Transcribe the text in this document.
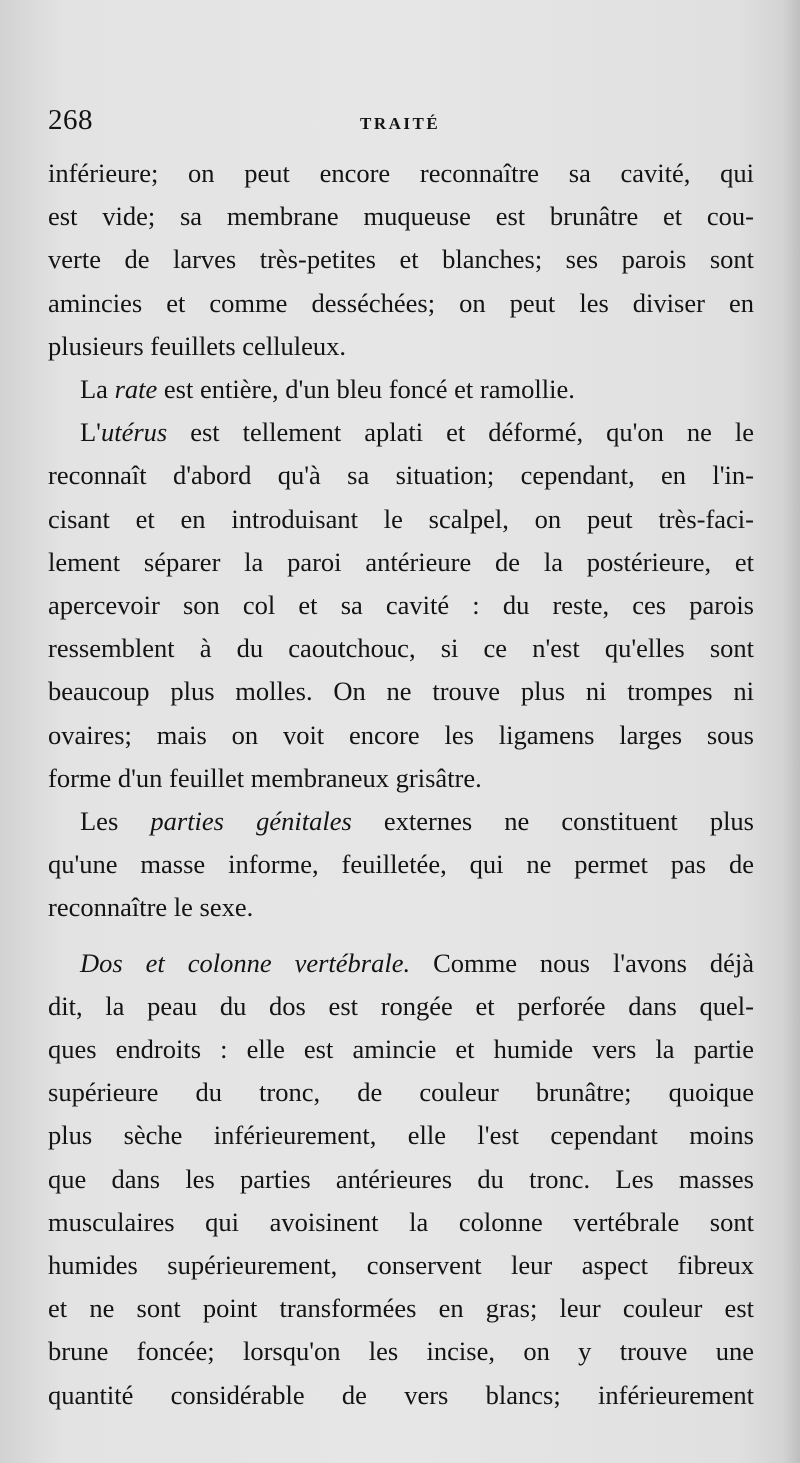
268	TRAITÉ

inférieure; on peut encore reconnaître sa cavité, qui

est vide; sa membrane muqueuse est brunâtre et cou-

verte de larves très-petites et blanches; ses parois sont

amincies et comme desséchées; on peut les diviser en

plusieurs feuillets celluleux.

La rate est entière, d'un bleu foncé et ramollie.

L'utérus est tellement aplati et déformé, qu'on ne le

reconnaît d'abord qu'à sa situation; cependant, en l'in-

cisant et en introduisant le scalpel, on peut très-faci-

lement séparer la paroi antérieure de la postérieure, et

apercevoir son col et sa cavité : du reste, ces parois

ressemblent à du caoutchouc, si ce n'est qu'elles sont

beaucoup plus molles. On ne trouve plus ni trompes ni

ovaires; mais on voit encore les ligamens larges sous

forme d'un feuillet membraneux grisâtre.

Les parties génitales externes ne constituent plus

qu'une masse informe, feuilletée, qui ne permet pas de

reconnaître le sexe.

Dos et colonne vertébrale. Comme nous l'avons déjà

dit, la peau du dos est rongée et perforée dans quel-

ques endroits : elle est amincie et humide vers la partie

supérieure du tronc, de couleur brunâtre; quoique

plus sèche inférieurement, elle l'est cependant moins

que dans les parties antérieures du tronc. Les masses

musculaires qui avoisinent la colonne vertébrale sont

humides supérieurement, conservent leur aspect fibreux

et ne sont point transformées en gras; leur couleur est

brune foncée; lorsqu'on les incise, on y trouve une

quantité considérable de vers blancs; inférieurement
